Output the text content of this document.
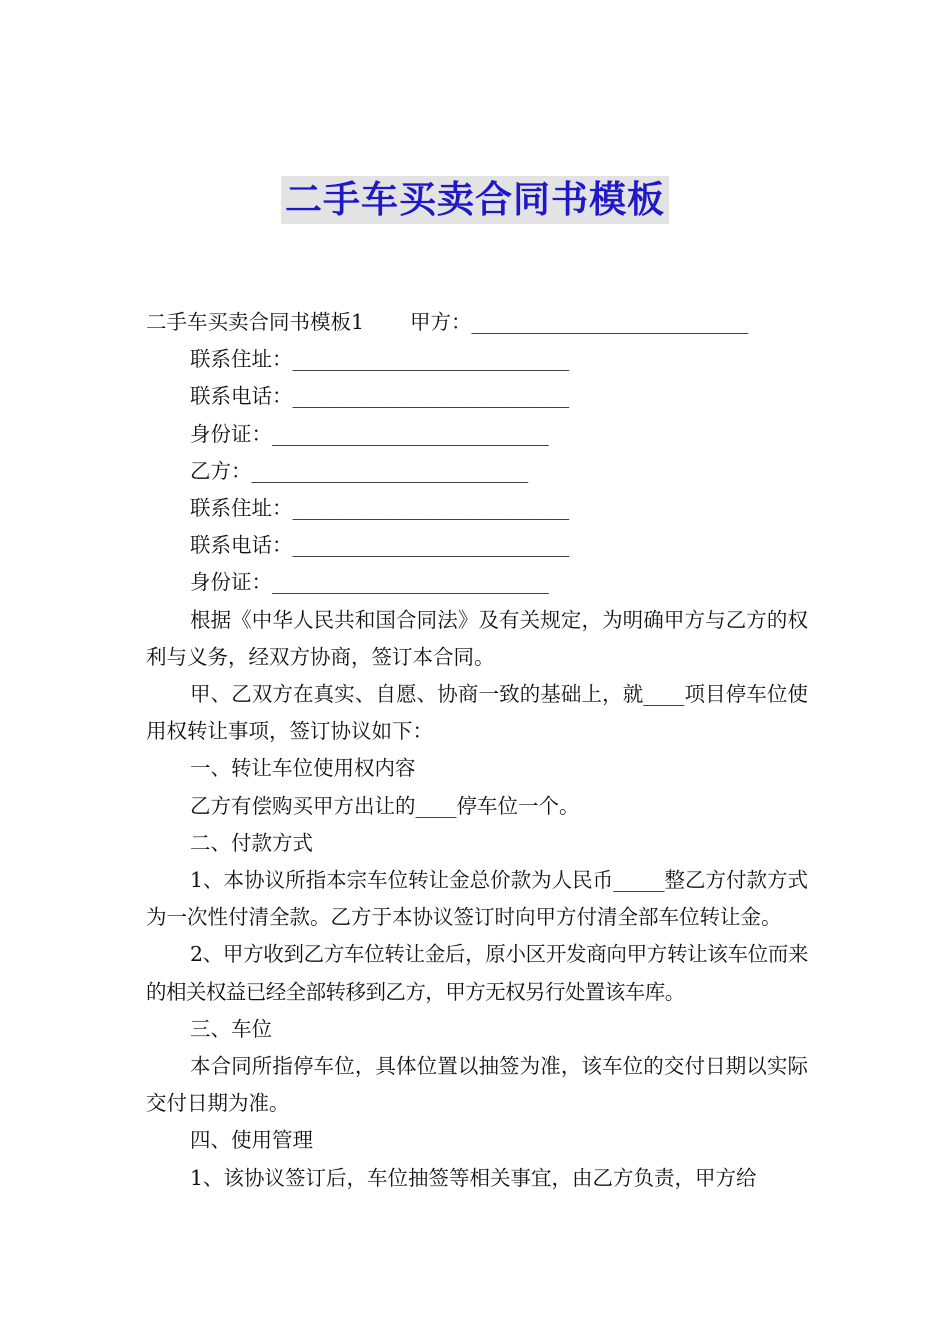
二手车买卖合同书模板

二手车买卖合同书模板1 甲方：___________________________

联系住址：___________________________

联系电话：___________________________

身份证：___________________________

乙方：___________________________

联系住址：___________________________

联系电话：___________________________

身份证：___________________________

根据《中华人民共和国合同法》及有关规定，为明确甲方与乙方的权利与义务，经双方协商，签订本合同。

甲、乙双方在真实、自愿、协商一致的基础上，就____项目停车位使用权转让事项，签订协议如下：

一、转让车位使用权内容

乙方有偿购买甲方出让的____停车位一个。

二、付款方式

1、本协议所指本宗车位转让金总价款为人民币_____整乙方付款方式为一次性付清全款。乙方于本协议签订时向甲方付清全部车位转让金。

2、甲方收到乙方车位转让金后，原小区开发商向甲方转让该车位而来的相关权益已经全部转移到乙方，甲方无权另行处置该车库。

三、车位

本合同所指停车位，具体位置以抽签为准，该车位的交付日期以实际交付日期为准。

四、使用管理

1、该协议签订后，车位抽签等相关事宜，由乙方负责，甲方给
